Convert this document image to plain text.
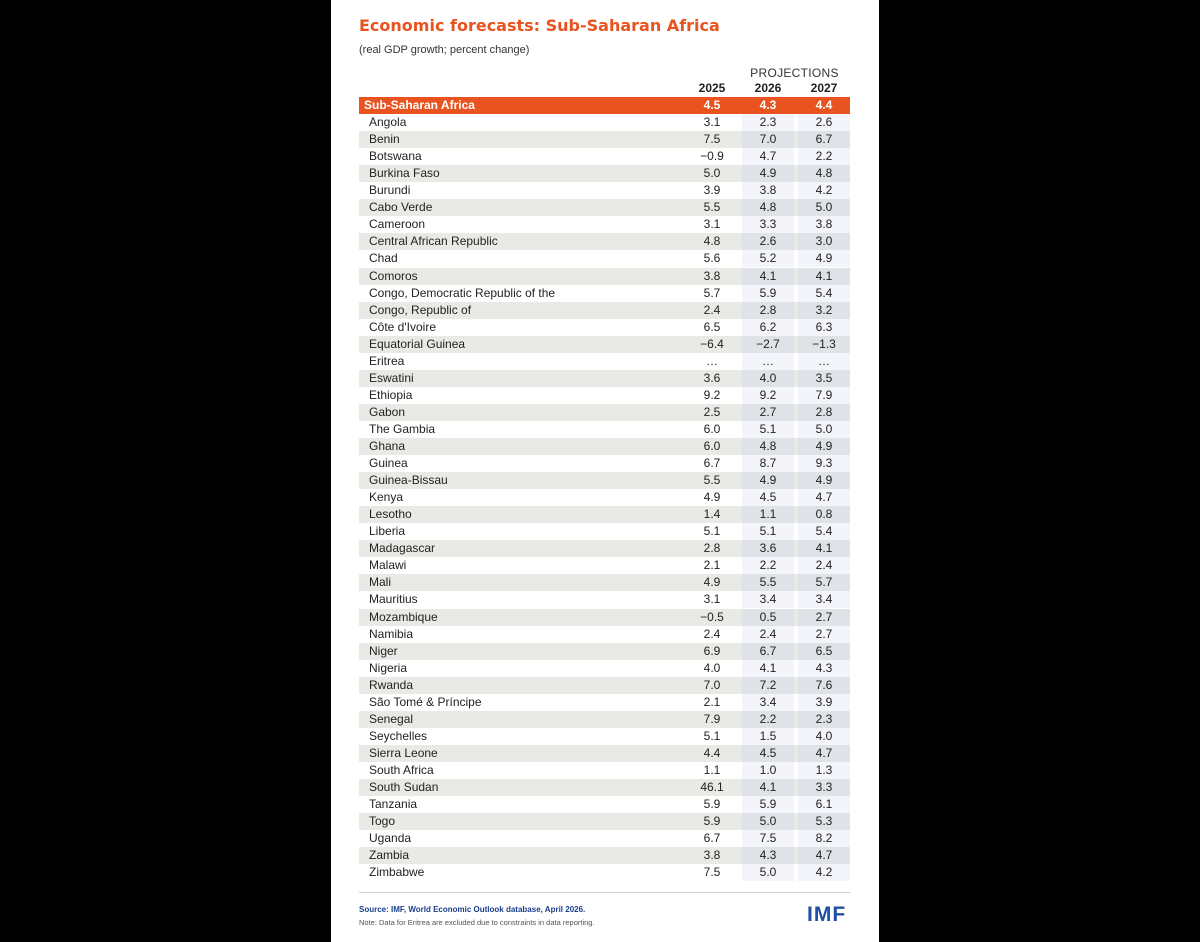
Economic forecasts: Sub-Saharan Africa

(real GDP growth; percent change)

PROJECTIONS
2025	2026	2027
Sub-Saharan Africa	4.5	4.3	4.4
Angola	3.1	2.3	2.6
Benin	7.5	7.0	6.7
Botswana	−0.9	4.7	2.2
Burkina Faso	5.0	4.9	4.8
Burundi	3.9	3.8	4.2
Cabo Verde	5.5	4.8	5.0
Cameroon	3.1	3.3	3.8
Central African Republic	4.8	2.6	3.0
Chad	5.6	5.2	4.9
Comoros	3.8	4.1	4.1
Congo, Democratic Republic of the	5.7	5.9	5.4
Congo, Republic of	2.4	2.8	3.2
Côte d'Ivoire	6.5	6.2	6.3
Equatorial Guinea	−6.4	−2.7	−1.3
Eritrea	…	…	…
Eswatini	3.6	4.0	3.5
Ethiopia	9.2	9.2	7.9
Gabon	2.5	2.7	2.8
The Gambia	6.0	5.1	5.0
Ghana	6.0	4.8	4.9
Guinea	6.7	8.7	9.3
Guinea-Bissau	5.5	4.9	4.9
Kenya	4.9	4.5	4.7
Lesotho	1.4	1.1	0.8
Liberia	5.1	5.1	5.4
Madagascar	2.8	3.6	4.1
Malawi	2.1	2.2	2.4
Mali	4.9	5.5	5.7
Mauritius	3.1	3.4	3.4
Mozambique	−0.5	0.5	2.7
Namibia	2.4	2.4	2.7
Niger	6.9	6.7	6.5
Nigeria	4.0	4.1	4.3
Rwanda	7.0	7.2	7.6
São Tomé & Príncipe	2.1	3.4	3.9
Senegal	7.9	2.2	2.3
Seychelles	5.1	1.5	4.0
Sierra Leone	4.4	4.5	4.7
South Africa	1.1	1.0	1.3
South Sudan	46.1	4.1	3.3
Tanzania	5.9	5.9	6.1
Togo	5.9	5.0	5.3
Uganda	6.7	7.5	8.2
Zambia	3.8	4.3	4.7
Zimbabwe	7.5	5.0	4.2

Source: IMF, World Economic Outlook database, April 2026.

Note: Data for Eritrea are excluded due to constraints in data reporting.	IMF
